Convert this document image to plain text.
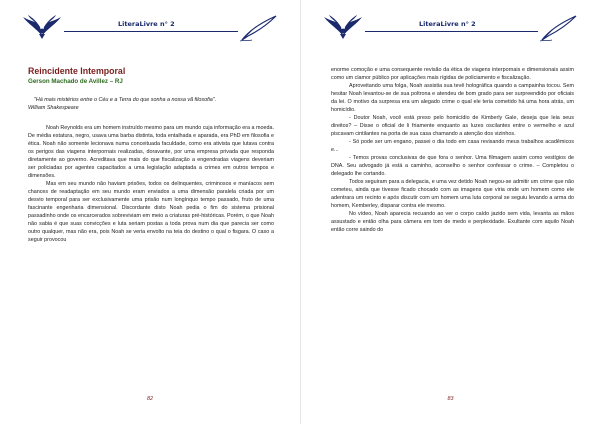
LiteraLivre n° 2
Reincidente Intemporal
Gerson Machado de Avillez – RJ

"Há mais mistérios entre o Céu e a Terra do que sonha a nossa vã filosofia".

William Shakespeare

Noah Reynolds era um homem instruído mesmo para um mundo cuja informação era a moeda. De média estatura, negro, usava uma barba distinta, toda entalhada e aparada, era PhD em filosofia e ética. Noah não somente lecionava numa conceituada faculdade, como era ativista que lutava contra os perigos das viagens interpornais realizadas, doravante, por uma empresa privada que responda diretamente ao governo. Acreditava que mais do que fiscalização a engendradas viagens deveriam ser policiadas por agentes capacitados a uma legislação adaptada a crimes em outros tempos e dimensões.

Mas em seu mundo não haviam prisões, todos os delinquentes, criminosos e maníacos sem chances de readaptação em seu mundo eram enviados a uma dimensão paralela criada por um desvio temporal para ser exclusivamente uma prisão num longínquo tempo passado, fruto de uma fascinante engenharia dimensional. Discordante disto Noah pedia o fim do sistema prisional passadinho onde os encarcerados sobreviviam em meio a criaturas pré-históricas. Porém, o que Noah não sabia é que suas convicções e luta seriam postas a toda prova num dia que parecia ser como outro qualquer, mas não era, pois Noah se veria envolto na teia do destino o qual o fisgara. O caso a seguir provocou

82
LiteraLivre n° 2

enorme comoção e uma consequente revisão da ética de viagens interpornais e dimensionais assim como um clamor público por aplicações mais rígidas de policiamento e fiscalização.

Aproveitando uma folga, Noah assistia sua tevê holográfica quando a campainha tocou. Sem hesitar Noah levantou-se de sua poltrona e atendeu de bom grado para ser surpreendido por oficiais da lei. O motivo da surpresa era um alegado crime o qual ele teria cometido há uma hora atrás, um homicídio.

- Doutor Noah, você está preso pelo homicídio de Kimberly Gale, deseja que leia seus direitos? – Disse o oficial de li friamente enquanto as luzes oscilantes entre o vermelho e azul piscavam cintilantes na porta de sua casa chamando a atenção dos vizinhos.

- Só pode ser um engano, passei o dia todo em casa revisando meus trabalhos acadêmicos e...

- Temos provas conclusivas de que fora o senhor. Uma filmagem assim como vestígios de DNA. Seu advogado já está a caminho, aconselho o senhor confessar o crime. – Completou o delegado lhe cortando.

Todos seguiram para a delegacia, e uma vez detido Noah negou-se admitir um crime que não cometeu, ainda que tivesse ficado chocado com as imagens que viria onde um homem como ele adentrara um recinto e após discutir com um homem uma luta corporal se seguiu levando a arma do homem, Kemberley, disparar contra ele mesmo.

No vídeo, Noah aparecia recuando ao ver o corpo caído jazido sem vida, levanta as mãos assustado e então olha para câmera em tom de medo e perplexidade. Exultante com aquilo Noah então corre saindo do

83
